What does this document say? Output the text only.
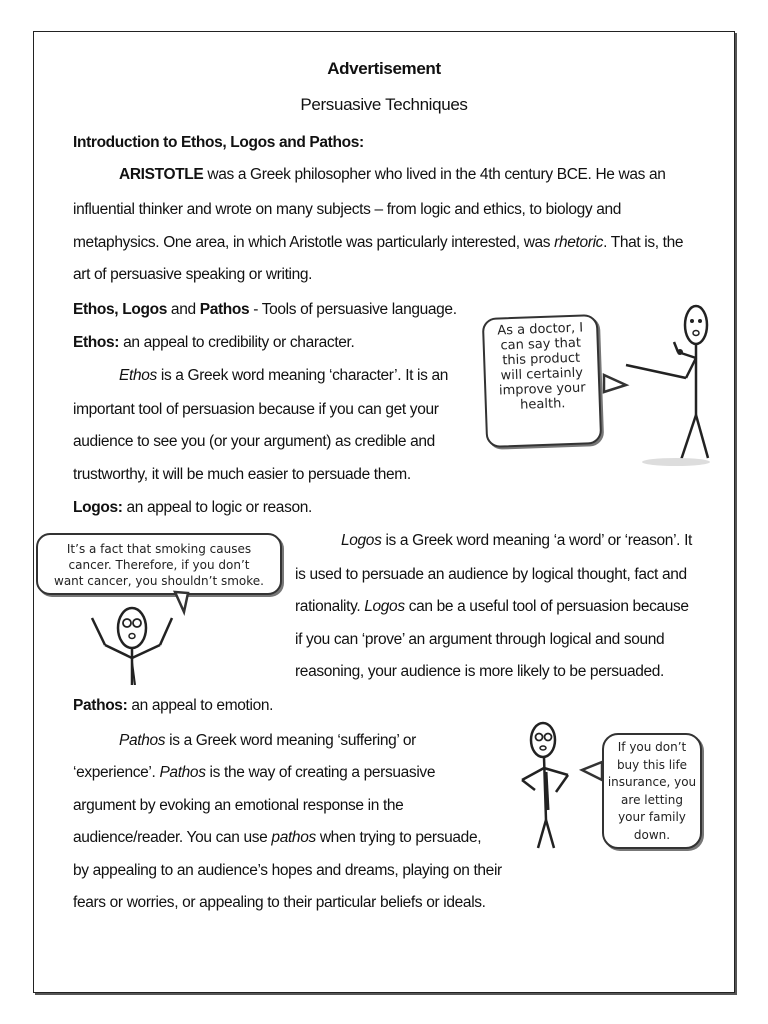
Advertisement
Persuasive Techniques
Introduction to Ethos, Logos and Pathos:
ARISTOTLE was a Greek philosopher who lived in the 4th century BCE. He was an
influential thinker and wrote on many subjects – from logic and ethics, to biology and
metaphysics. One area, in which Aristotle was particularly interested, was rhetoric. That is, the
art of persuasive speaking or writing.
Ethos, Logos and Pathos - Tools of persuasive language.
Ethos: an appeal to credibility or character.
Ethos is a Greek word meaning ‘character’. It is an
important tool of persuasion because if you can get your
audience to see you (or your argument) as credible and
trustworthy, it will be much easier to persuade them.
As a doctor, I
can say that
this product
will certainly
improve your
health.
Logos: an appeal to logic or reason.
It’s a fact that smoking causes
cancer. Therefore, if you don’t
want cancer, you shouldn’t smoke.
Logos is a Greek word meaning ‘a word’ or ‘reason’. It
is used to persuade an audience by logical thought, fact and
rationality. Logos can be a useful tool of persuasion because
if you can ‘prove’ an argument through logical and sound
reasoning, your audience is more likely to be persuaded.
Pathos: an appeal to emotion.
Pathos is a Greek word meaning ‘suffering’ or
‘experience’. Pathos is the way of creating a persuasive
argument by evoking an emotional response in the
audience/reader. You can use pathos when trying to persuade,
by appealing to an audience’s hopes and dreams, playing on their
fears or worries, or appealing to their particular beliefs or ideals.
If you don’t
buy this life
insurance, you
are letting
your family
down.
